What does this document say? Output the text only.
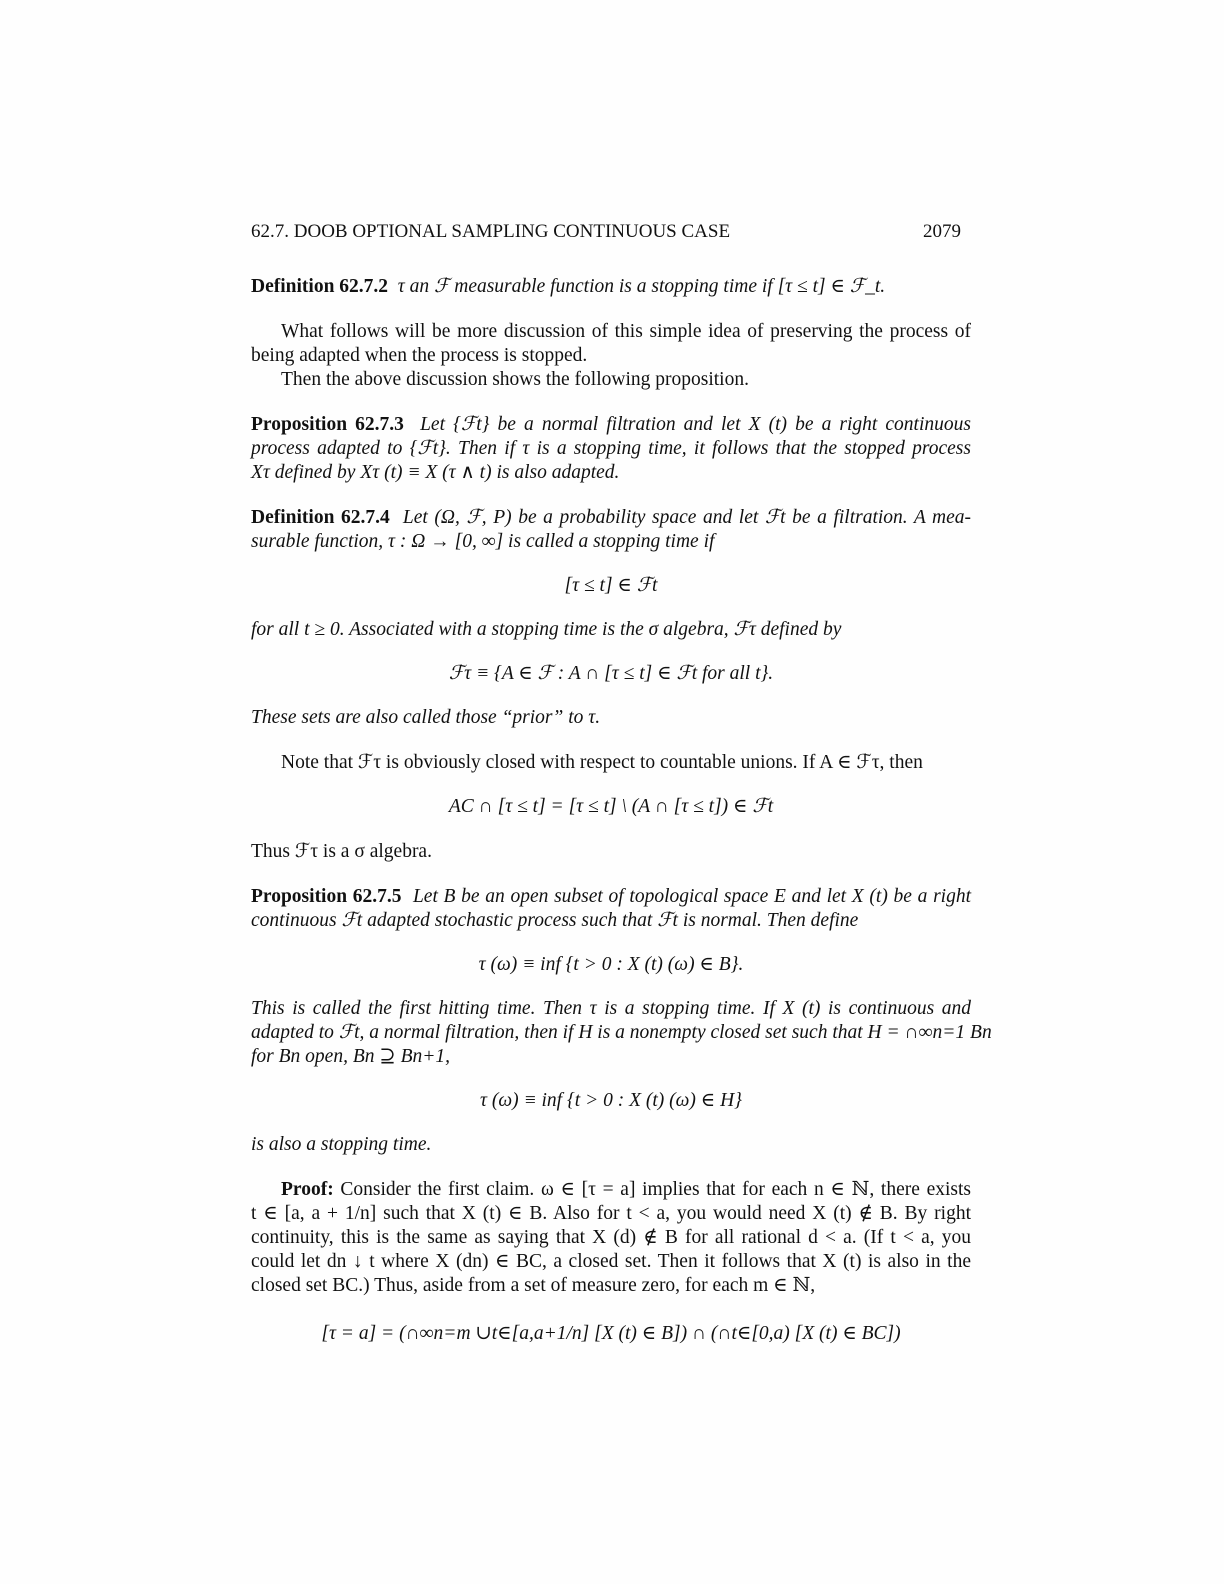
62.7. DOOB OPTIONAL SAMPLING CONTINUOUS CASE	2079
Definition 62.7.2 τ an ℱ measurable function is a stopping time if [τ ≤ t] ∈ ℱ_t.
What follows will be more discussion of this simple idea of preserving the process of
being adapted when the process is stopped.
Then the above discussion shows the following proposition.
Proposition 62.7.3 Let {ℱt} be a normal filtration and let X (t) be a right continuous
process adapted to {ℱt}. Then if τ is a stopping time, it follows that the stopped process
Xτ defined by Xτ (t) ≡ X (τ ∧ t) is also adapted.
Definition 62.7.4 Let (Ω, ℱ, P) be a probability space and let ℱt be a filtration. A mea-
surable function, τ : Ω → [0, ∞] is called a stopping time if
[τ ≤ t] ∈ ℱt
for all t ≥ 0. Associated with a stopping time is the σ algebra, ℱτ defined by
ℱτ ≡ {A ∈ ℱ : A ∩ [τ ≤ t] ∈ ℱt for all t}.
These sets are also called those “prior” to τ.
Note that ℱτ is obviously closed with respect to countable unions. If A ∈ ℱτ, then
AC ∩ [τ ≤ t] = [τ ≤ t] \ (A ∩ [τ ≤ t]) ∈ ℱt
Thus ℱτ is a σ algebra.
Proposition 62.7.5 Let B be an open subset of topological space E and let X (t) be a right
continuous ℱt adapted stochastic process such that ℱt is normal. Then define
τ (ω) ≡ inf {t > 0 : X (t) (ω) ∈ B}.
This is called the first hitting time. Then τ is a stopping time. If X (t) is continuous and
adapted to ℱt, a normal filtration, then if H is a nonempty closed set such that H = ∩∞n=1 Bn
for Bn open, Bn ⊇ Bn+1,
τ (ω) ≡ inf {t > 0 : X (t) (ω) ∈ H}
is also a stopping time.
Proof: Consider the first claim. ω ∈ [τ = a] implies that for each n ∈ ℕ, there exists
t ∈ [a, a + 1/n] such that X (t) ∈ B. Also for t < a, you would need X (t) ∉ B. By right
continuity, this is the same as saying that X (d) ∉ B for all rational d < a. (If t < a, you
could let dn ↓ t where X (dn) ∈ BC, a closed set. Then it follows that X (t) is also in the
closed set BC.) Thus, aside from a set of measure zero, for each m ∈ ℕ,
[τ = a] = (∩∞n=m ∪t∈[a,a+1/n] [X (t) ∈ B]) ∩ (∩t∈[0,a) [X (t) ∈ BC])
